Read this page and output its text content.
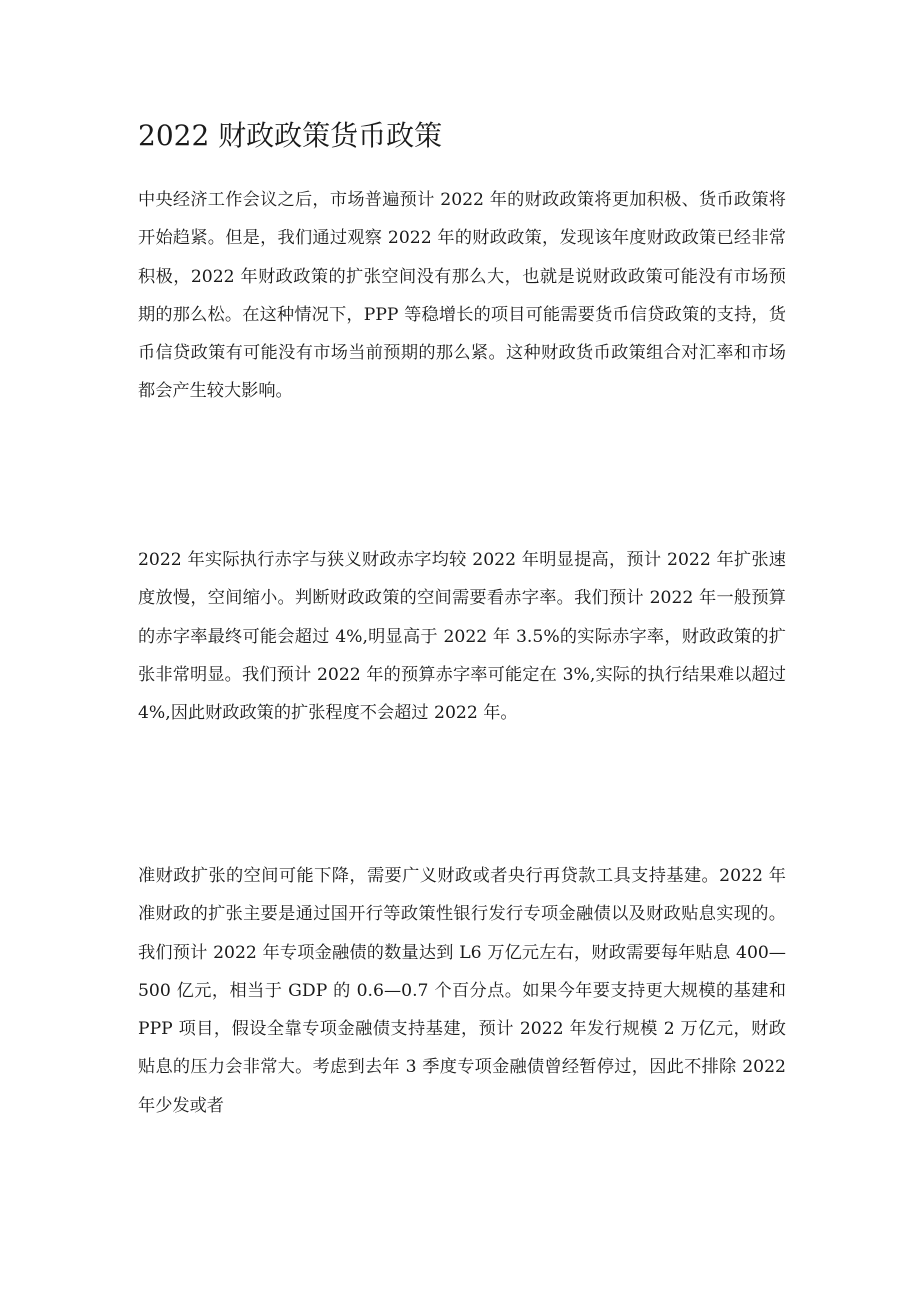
2022 财政政策货币政策

中央经济工作会议之后，市场普遍预计 2022 年的财政政策将更加积极、货币政策将开始趋紧。但是，我们通过观察 2022 年的财政政策，发现该年度财政政策已经非常积极，2022 年财政政策的扩张空间没有那么大，也就是说财政政策可能没有市场预期的那么松。在这种情况下，PPP 等稳增长的项目可能需要货币信贷政策的支持，货币信贷政策有可能没有市场当前预期的那么紧。这种财政货币政策组合对汇率和市场都会产生较大影响。

2022 年实际执行赤字与狭义财政赤字均较 2022 年明显提高，预计 2022 年扩张速度放慢，空间缩小。判断财政政策的空间需要看赤字率。我们预计 2022 年一般预算的赤字率最终可能会超过 4%,明显高于 2022 年 3.5%的实际赤字率，财政政策的扩张非常明显。我们预计 2022 年的预算赤字率可能定在 3%,实际的执行结果难以超过 4%,因此财政政策的扩张程度不会超过 2022 年。

准财政扩张的空间可能下降，需要广义财政或者央行再贷款工具支持基建。2022 年准财政的扩张主要是通过国开行等政策性银行发行专项金融债以及财政贴息实现的。我们预计 2022 年专项金融债的数量达到 L6 万亿元左右，财政需要每年贴息 400—500 亿元，相当于 GDP 的 0.6—0.7 个百分点。如果今年要支持更大规模的基建和 PPP 项目，假设全靠专项金融债支持基建，预计 2022 年发行规模 2 万亿元，财政贴息的压力会非常大。考虑到去年 3 季度专项金融债曾经暂停过，因此不排除 2022 年少发或者
